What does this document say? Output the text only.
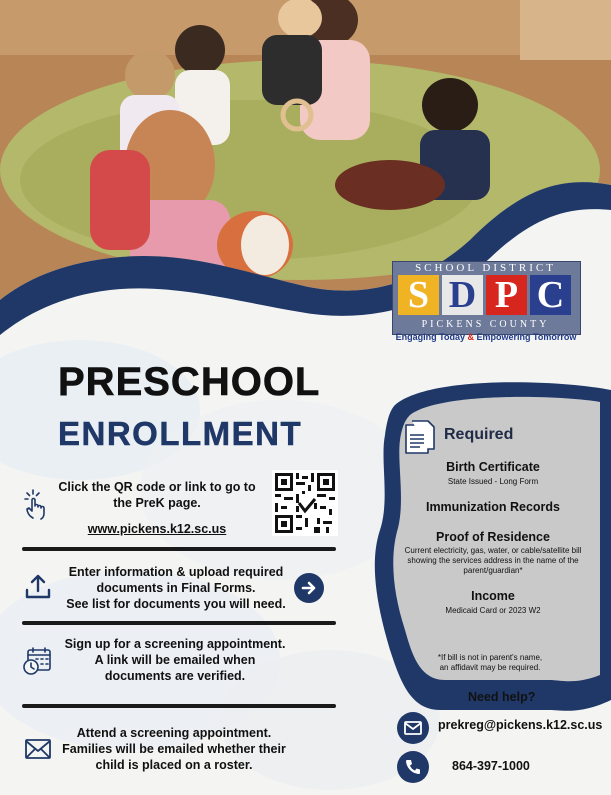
SCHOOL DISTRICT
S D P C
PICKENS COUNTY
Engaging Today & Empowering Tomorrow
PRESCHOOL
ENROLLMENT
Click the QR code or link to go to
the PreK page.
www.pickens.k12.sc.us
Enter information & upload required
documents in Final Forms.
See list for documents you will need.
Sign up for a screening appointment.
A link will be emailed when
documents are verified.
Attend a screening appointment.
Families will be emailed whether their
child is placed on a roster.
Required
Birth Certificate
State Issued - Long Form
Immunization Records
Proof of Residence
Current electricity, gas, water, or cable/satellite bill showing the services address in the name of the parent/guardian*
Income
Medicaid Card or 2023 W2
*If bill is not in parent's name,
an affidavit may be required.
Need help?
prekreg@pickens.k12.sc.us
864-397-1000
